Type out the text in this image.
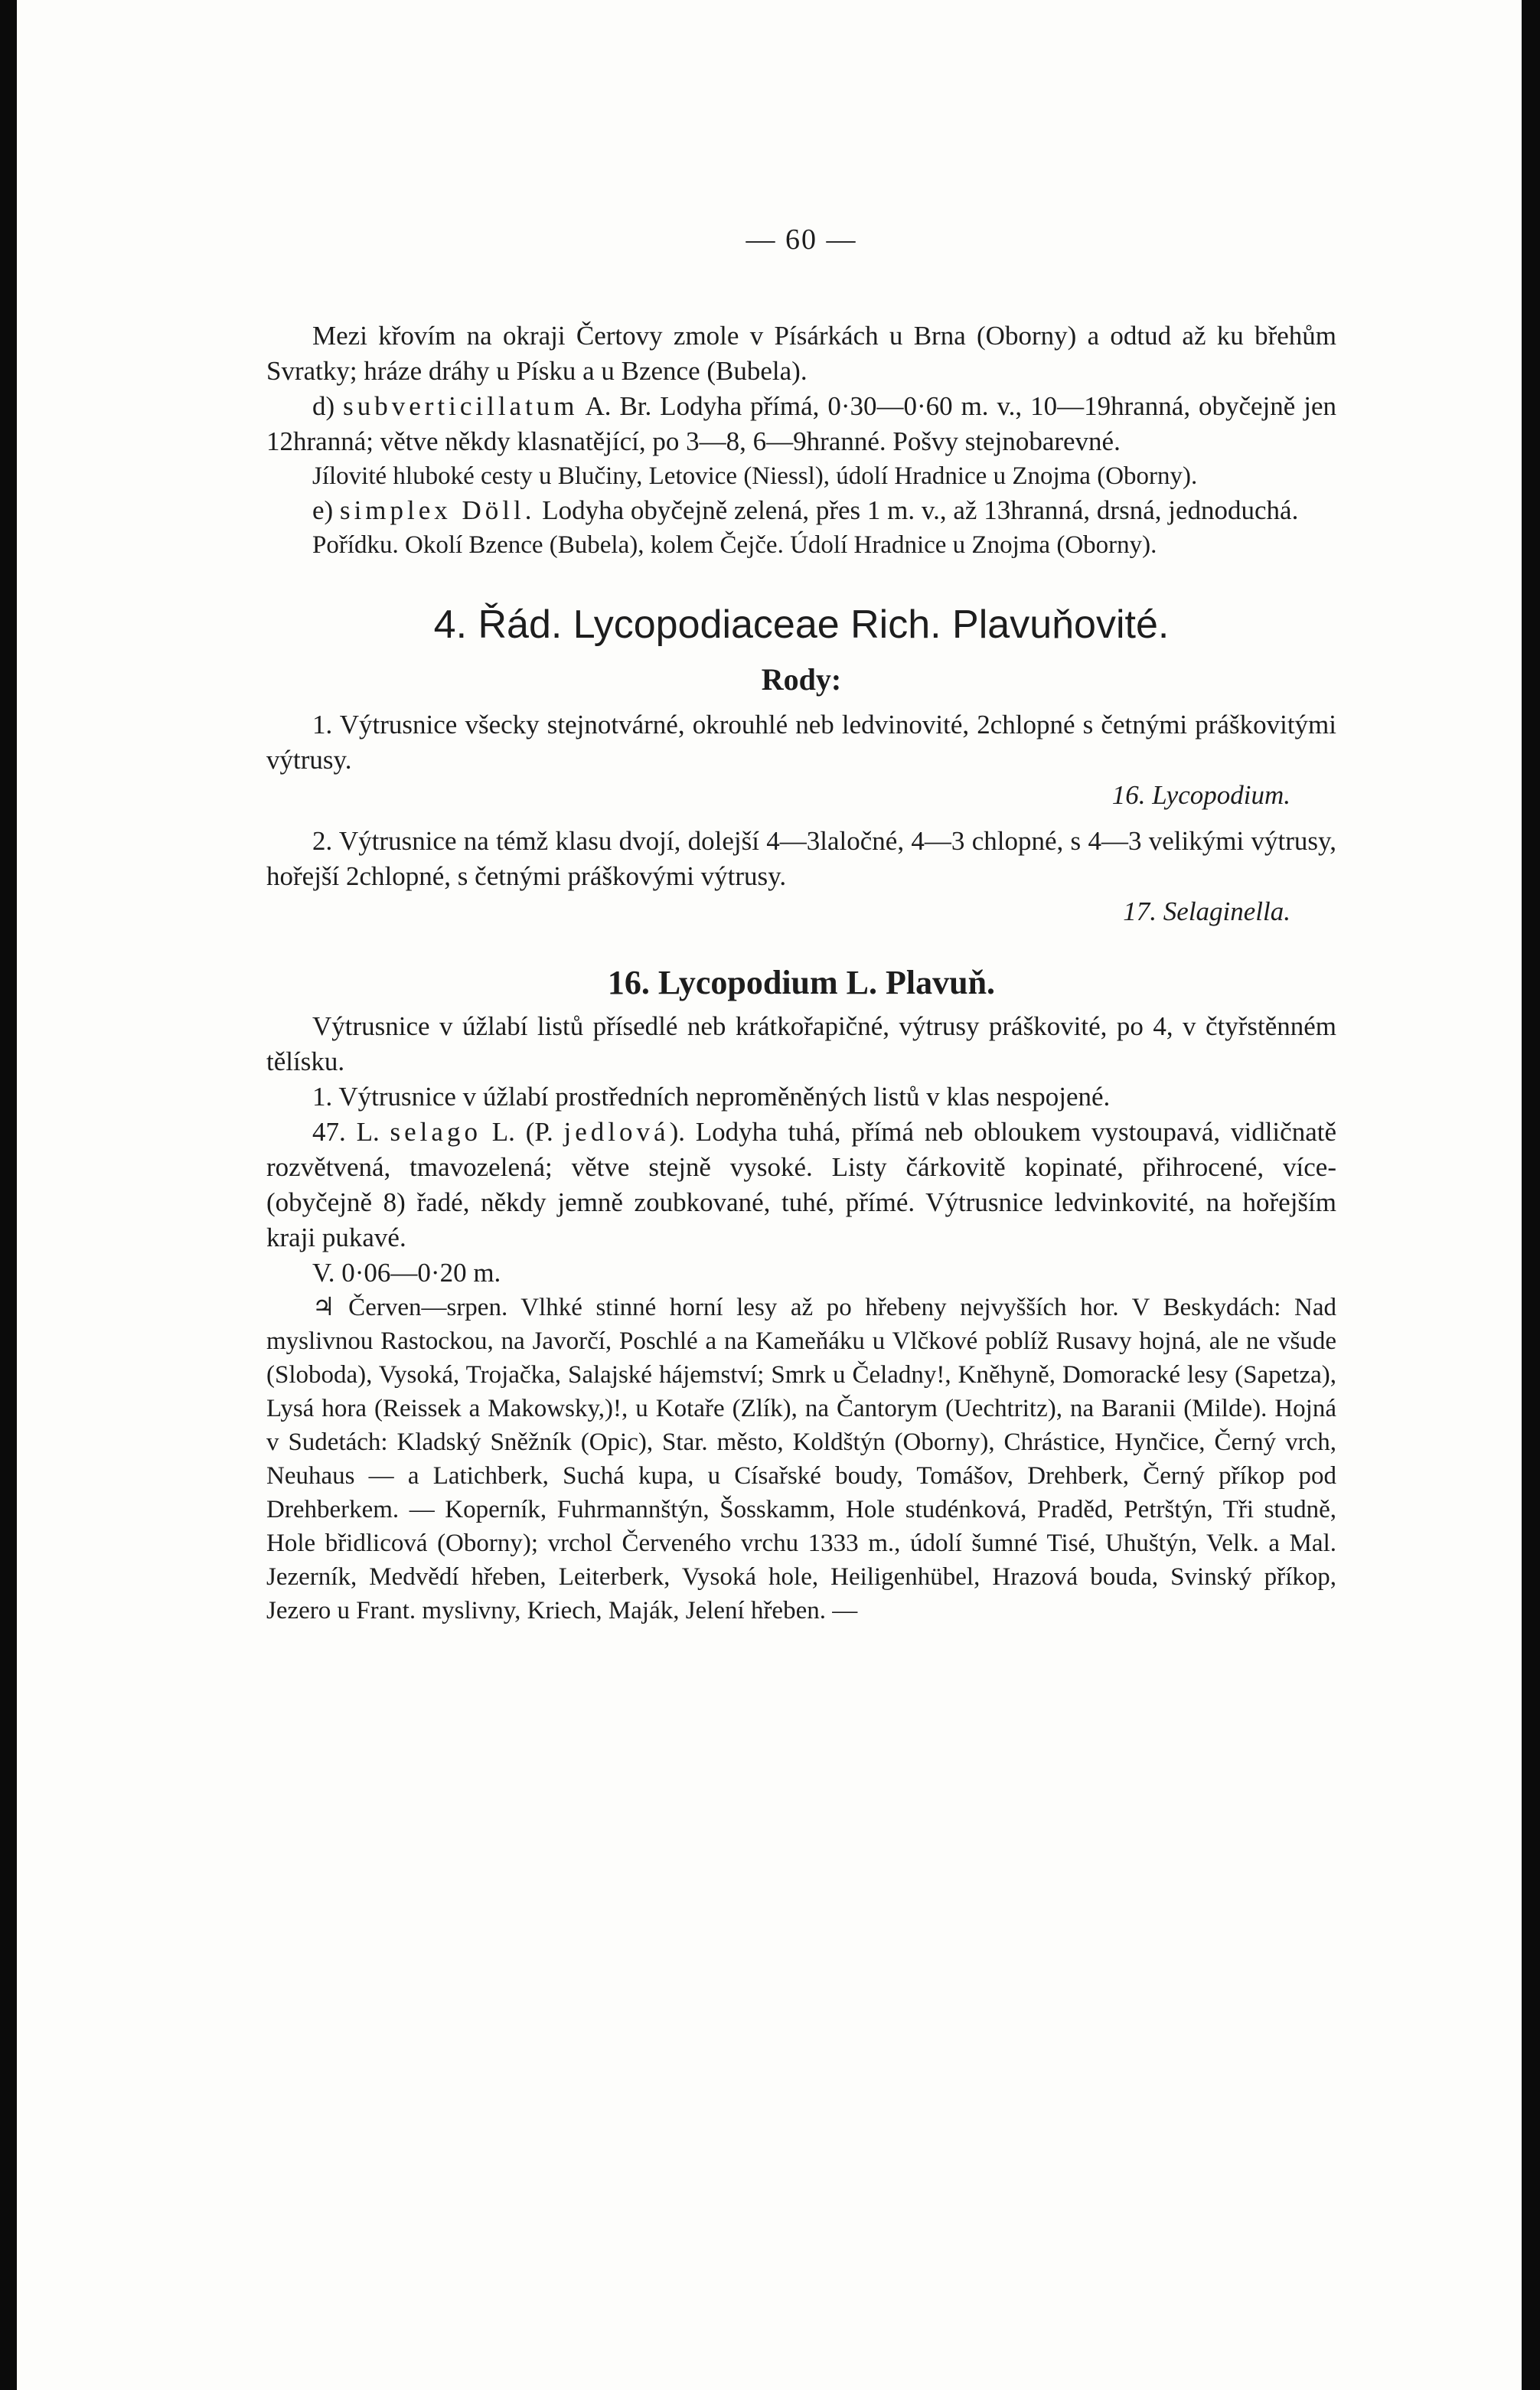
— 60 —

Mezi křovím na okraji Čertovy zmole v Písárkách u Brna (Oborny) a odtud až ku břehům Svratky; hráze dráhy u Písku a u Bzence (Bubela).

d) subverticillatum A. Br. Lodyha přímá, 0·30—0·60 m. v., 10—19hranná, obyčejně jen 12hranná; větve někdy klasnatějící, po 3—8, 6—9hranné. Pošvy stejnobarevné.

Jílovité hluboké cesty u Blučiny, Letovice (Niessl), údolí Hradnice u Znojma (Oborny).

e) simplex Döll. Lodyha obyčejně zelená, přes 1 m. v., až 13hranná, drsná, jednoduchá.

Pořídku. Okolí Bzence (Bubela), kolem Čejče. Údolí Hradnice u Znojma (Oborny).

4. Řád. Lycopodiaceae Rich. Plavuňovité.
Rody:

1. Výtrusnice všecky stejnotvárné, okrouhlé neb ledvinovité, 2chlopné s četnými práškovitými výtrusy.

16. Lycopodium.

2. Výtrusnice na témž klasu dvojí, dolejší 4—3laločné, 4—3 chlopné, s 4—3 velikými výtrusy, hořejší 2chlopné, s četnými práškovými výtrusy.

17. Selaginella.
16. Lycopodium L. Plavuň.

Výtrusnice v úžlabí listů přísedlé neb krátkořapičné, výtrusy práškovité, po 4, v čtyřstěnném tělísku.

1. Výtrusnice v úžlabí prostředních neproměněných listů v klas nespojené.

47. L. selago L. (P. jedlová). Lodyha tuhá, přímá neb obloukem vystoupavá, vidličnatě rozvětvená, tmavozelená; větve stejně vysoké. Listy čárkovitě kopinaté, přihrocené, více- (obyčejně 8) řadé, někdy jemně zoubkované, tuhé, přímé. Výtrusnice ledvinkovité, na hořejším kraji pukavé.

V. 0·06—0·20 m.

♃ Červen—srpen. Vlhké stinné horní lesy až po hřebeny nejvyšších hor. V Beskydách: Nad myslivnou Rastockou, na Javorčí, Poschlé a na Kameňáku u Vlčkové poblíž Rusavy hojná, ale ne všude (Sloboda), Vysoká, Trojačka, Salajské hájemství; Smrk u Čeladny!, Kněhyně, Domoracké lesy (Sapetza), Lysá hora (Reissek a Makowsky,)!, u Kotaře (Zlík), na Čantorym (Uechtritz), na Baranii (Milde). Hojná v Sudetách: Kladský Sněžník (Opic), Star. město, Koldštýn (Oborny), Chrástice, Hynčice, Černý vrch, Neuhaus — a Latichberk, Suchá kupa, u Císařské boudy, Tomášov, Drehberk, Černý příkop pod Drehberkem. — Koperník, Fuhrmannštýn, Šosskamm, Hole studénková, Praděd, Petrštýn, Tři studně, Hole břidlicová (Oborny); vrchol Červeného vrchu 1333 m., údolí šumné Tisé, Uhuštýn, Velk. a Mal. Jezerník, Medvědí hřeben, Leiterberk, Vysoká hole, Heiligenhübel, Hrazová bouda, Svinský příkop, Jezero u Frant. myslivny, Kriech, Maják, Jelení hřeben. —
